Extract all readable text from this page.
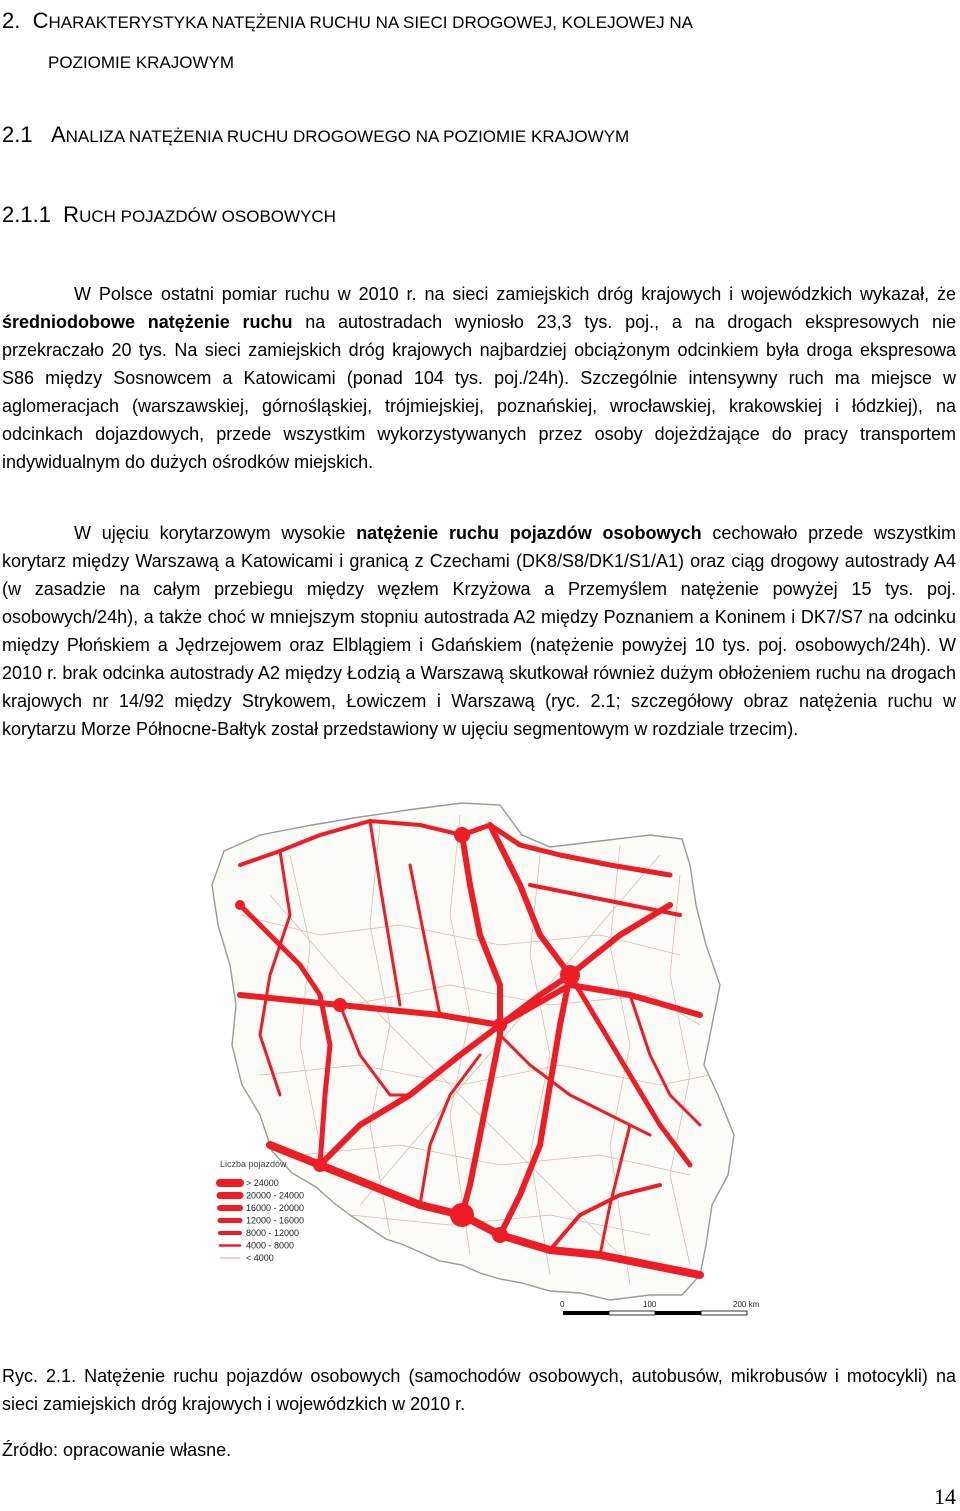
2. CHARAKTERYSTYKA NATĘŻENIA RUCHU NA SIECI DROGOWEJ, KOLEJOWEJ NA
POZIOMIE KRAJOWYM
2.1 ANALIZA NATĘŻENIA RUCHU DROGOWEGO NA POZIOMIE KRAJOWYM
2.1.1 RUCH POJAZDÓW OSOBOWYCH
W Polsce ostatni pomiar ruchu w 2010 r. na sieci zamiejskich dróg krajowych i wojewódzkich wykazał, że średniodobowe natężenie ruchu na autostradach wyniosło 23,3 tys. poj., a na drogach ekspresowych nie przekraczało 20 tys. Na sieci zamiejskich dróg krajowych najbardziej obciążonym odcinkiem była droga ekspresowa S86 między Sosnowcem a Katowicami (ponad 104 tys. poj./24h). Szczególnie intensywny ruch ma miejsce w aglomeracjach (warszawskiej, górnośląskiej, trójmiejskiej, poznańskiej, wrocławskiej, krakowskiej i łódzkiej), na odcinkach dojazdowych, przede wszystkim wykorzystywanych przez osoby dojeżdżające do pracy transportem indywidualnym do dużych ośrodków miejskich.
W ujęciu korytarzowym wysokie natężenie ruchu pojazdów osobowych cechowało przede wszystkim korytarz między Warszawą a Katowicami i granicą z Czechami (DK8/S8/DK1/S1/A1) oraz ciąg drogowy autostrady A4 (w zasadzie na całym przebiegu między węzłem Krzyżowa a Przemyślem natężenie powyżej 15 tys. poj. osobowych/24h), a także choć w mniejszym stopniu autostrada A2 między Poznaniem a Koninem i DK7/S7 na odcinku między Płońskiem a Jędrzejowem oraz Elblągiem i Gdańskiem (natężenie powyżej 10 tys. poj. osobowych/24h). W 2010 r. brak odcinka autostrady A2 między Łodzią a Warszawą skutkował również dużym obłożeniem ruchu na drogach krajowych nr 14/92 między Strykowem, Łowiczem i Warszawą (ryc. 2.1; szczegółowy obraz natężenia ruchu w korytarzu Morze Północne-Bałtyk został przedstawiony w ujęciu segmentowym w rozdziale trzecim).
Liczba pojazdów
> 24000
20000 - 24000
16000 - 20000
12000 - 16000
8000 - 12000
4000 - 8000
< 4000
0	100	200 km
Ryc. 2.1. Natężenie ruchu pojazdów osobowych (samochodów osobowych, autobusów, mikrobusów i motocykli) na sieci zamiejskich dróg krajowych i wojewódzkich w 2010 r.
Źródło: opracowanie własne.
14
